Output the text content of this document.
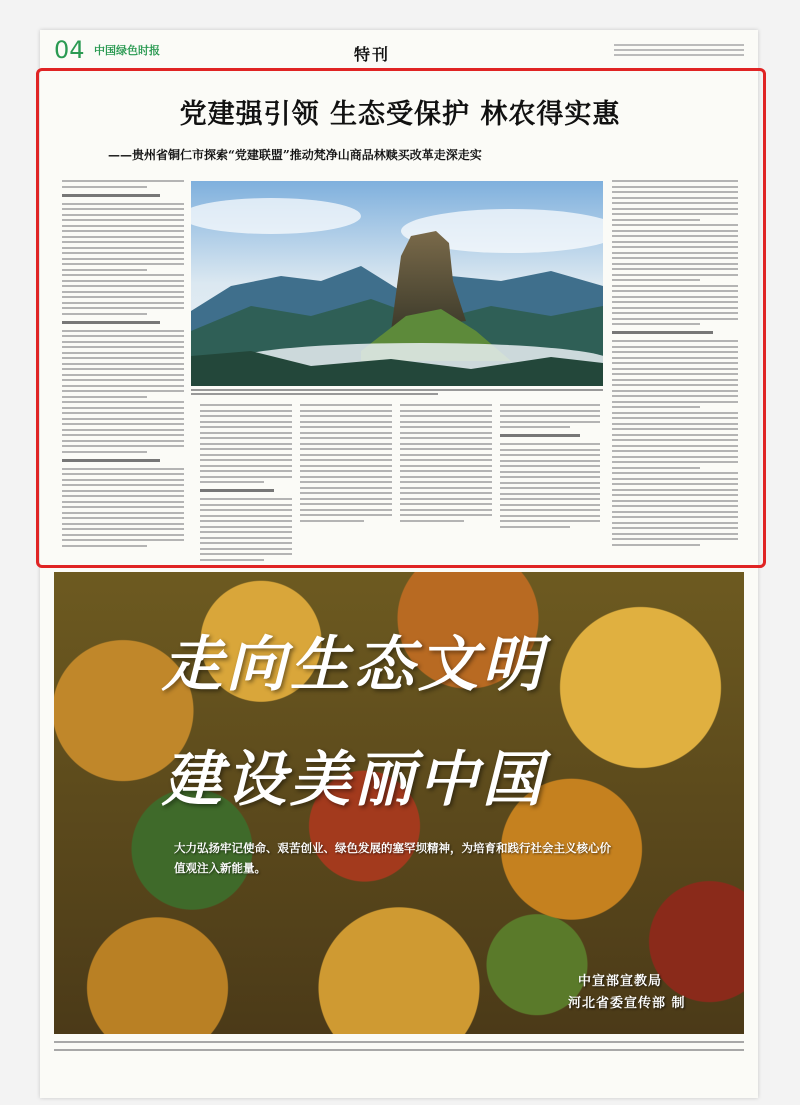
04 中国绿色时报	特刊
党建强引领 生态受保护 林农得实惠
——贵州省铜仁市探索“党建联盟”推动梵净山商品林赎买改革走深走实
走向生态文明
建设美丽中国
大力弘扬牢记使命、艰苦创业、绿色发展的塞罕坝精神，为培育和践行社会主义核心价值观注入新能量。
中宣部宣教局
河北省委宣传部 制
